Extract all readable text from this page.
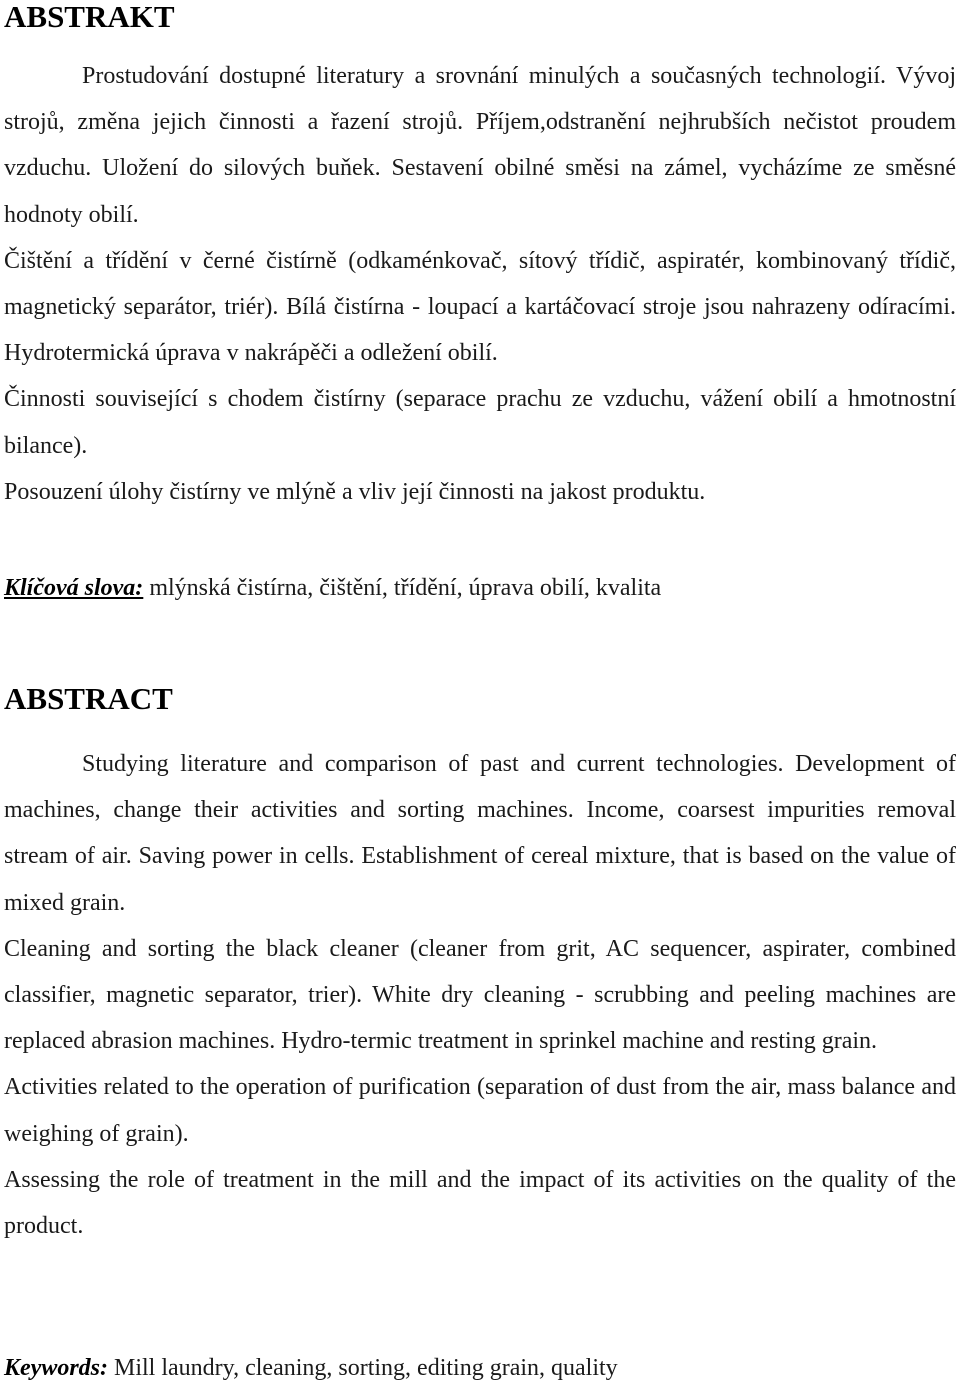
ABSTRAKT

Prostudování dostupné literatury a srovnání minulých a současných technologií. Vývoj strojů, změna jejich činnosti a řazení strojů. Příjem,odstranění nejhrubších nečistot proudem vzduchu. Uložení do silových buňek. Sestavení obilné směsi na zámel, vycházíme ze směsné hodnoty obilí.

Čištění a třídění v černé čistírně (odkaménkovač, sítový třídič, aspiratér, kombinovaný třídič, magnetický separátor, triér). Bílá čistírna - loupací a kartáčovací stroje jsou nahrazeny odíracími. Hydrotermická úprava v nakrápěči a odležení obilí.

Činnosti související s chodem čistírny (separace prachu ze vzduchu, vážení obilí a hmotnostní bilance).

Posouzení úlohy čistírny ve mlýně a vliv její činnosti na jakost produktu.

Klíčová slova: mlýnská čistírna, čištění, třídění, úprava obilí, kvalita

ABSTRACT

Studying literature and comparison of past and current technologies. Development of machines, change their activities and sorting machines. Income, coarsest impurities removal stream of air. Saving power in cells. Establishment of cereal mixture, that is based on the value of mixed grain.

Cleaning and sorting the black cleaner (cleaner from grit, AC sequencer, aspirater, combined classifier, magnetic separator, trier). White dry cleaning - scrubbing and peeling machines are replaced abrasion machines. Hydro-termic treatment in sprinkel machine and resting grain.

Activities related to the operation of purification (separation of dust from the air, mass balance and weighing of grain).

Assessing the role of treatment in the mill and the impact of its activities on the quality of the product.

Keywords: Mill laundry, cleaning, sorting, editing grain, quality
